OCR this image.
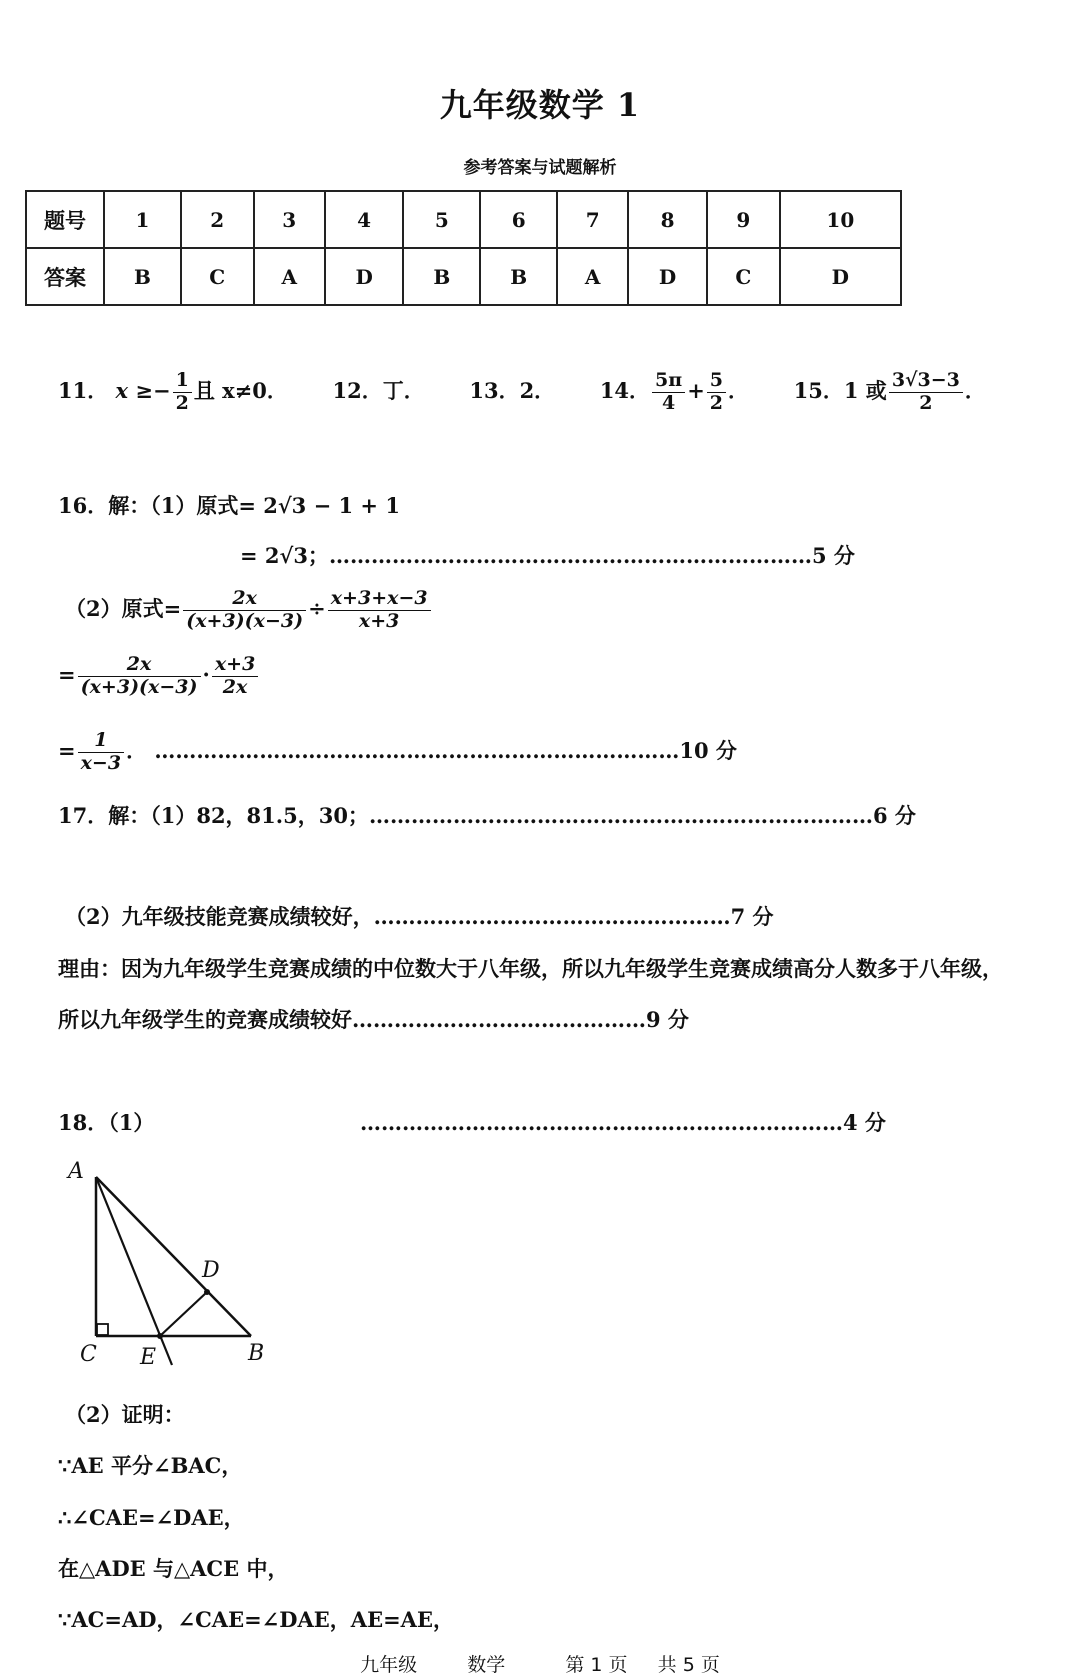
九年级数学 1
参考答案与试题解析
题号	1	2	3	4	5	6	7	8	9	10
答案	B	C	A	D	B	B	A	D	C	D
11． $x \ge- \frac{1}{2}$ 且 x≠0． 12．丁． 13．2． 14． $\frac{5\pi}{4} + \frac{5}{2}$ ． 15．1 或 $\frac{3√3-3}{2}$ ．
16．解：（1）原式= 2√3 − 1 + 1
= 2√3；……………………………………………………………5 分
（2）原式= $\frac{2x}{(x+3)(x-3)} \div \frac{x+3+x-3}{x+3}$
= $\frac{2x}{(x+3)(x-3)} \cdot \frac{x+3}{2x}$
= $\frac{1}{x-3}$ ． …………………………………………………………………10 分
17．解：（1）82，81.5，30；………………………………………………………………6 分
（2）九年级技能竞赛成绩较好，……………………………………………7 分
理由：因为九年级学生竞赛成绩的中位数大于八年级，所以九年级学生竞赛成绩高分人数多于八年级，
所以九年级学生的竞赛成绩较好……………………………………9 分
18．（1）	……………………………………………………………4 分
A
D
C E	B
（2）证明：
∵AE 平分∠BAC，
∴∠CAE=∠DAE，
在△ADE 与△ACE 中，
∵AC=AD，∠CAE=∠DAE，AE=AE，
九年级	数学	第 1 页 共 5 页
